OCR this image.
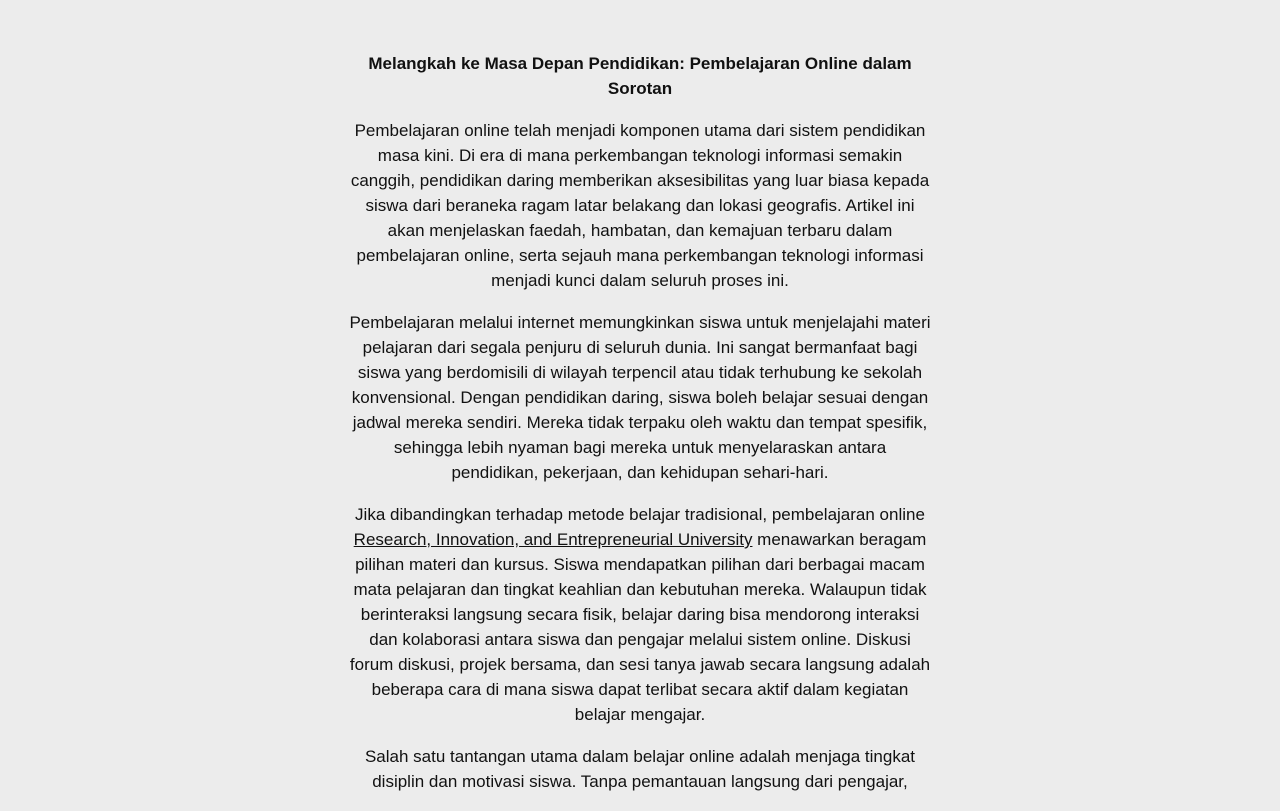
Melangkah ke Masa Depan Pendidikan: Pembelajaran Online dalam Sorotan

Pembelajaran online telah menjadi komponen utama dari sistem pendidikan masa kini. Di era di mana perkembangan teknologi informasi semakin canggih, pendidikan daring memberikan aksesibilitas yang luar biasa kepada siswa dari beraneka ragam latar belakang dan lokasi geografis. Artikel ini akan menjelaskan faedah, hambatan, dan kemajuan terbaru dalam pembelajaran online, serta sejauh mana perkembangan teknologi informasi menjadi kunci dalam seluruh proses ini.

Pembelajaran melalui internet memungkinkan siswa untuk menjelajahi materi pelajaran dari segala penjuru di seluruh dunia. Ini sangat bermanfaat bagi siswa yang berdomisili di wilayah terpencil atau tidak terhubung ke sekolah konvensional. Dengan pendidikan daring, siswa boleh belajar sesuai dengan jadwal mereka sendiri. Mereka tidak terpaku oleh waktu dan tempat spesifik, sehingga lebih nyaman bagi mereka untuk menyelaraskan antara pendidikan, pekerjaan, dan kehidupan sehari-hari.

Jika dibandingkan terhadap metode belajar tradisional, pembelajaran online Research, Innovation, and Entrepreneurial University menawarkan beragam pilihan materi dan kursus. Siswa mendapatkan pilihan dari berbagai macam mata pelajaran dan tingkat keahlian dan kebutuhan mereka. Walaupun tidak berinteraksi langsung secara fisik, belajar daring bisa mendorong interaksi dan kolaborasi antara siswa dan pengajar melalui sistem online. Diskusi forum diskusi, projek bersama, dan sesi tanya jawab secara langsung adalah beberapa cara di mana siswa dapat terlibat secara aktif dalam kegiatan belajar mengajar.

Salah satu tantangan utama dalam belajar online adalah menjaga tingkat disiplin dan motivasi siswa. Tanpa pemantauan langsung dari pengajar,
